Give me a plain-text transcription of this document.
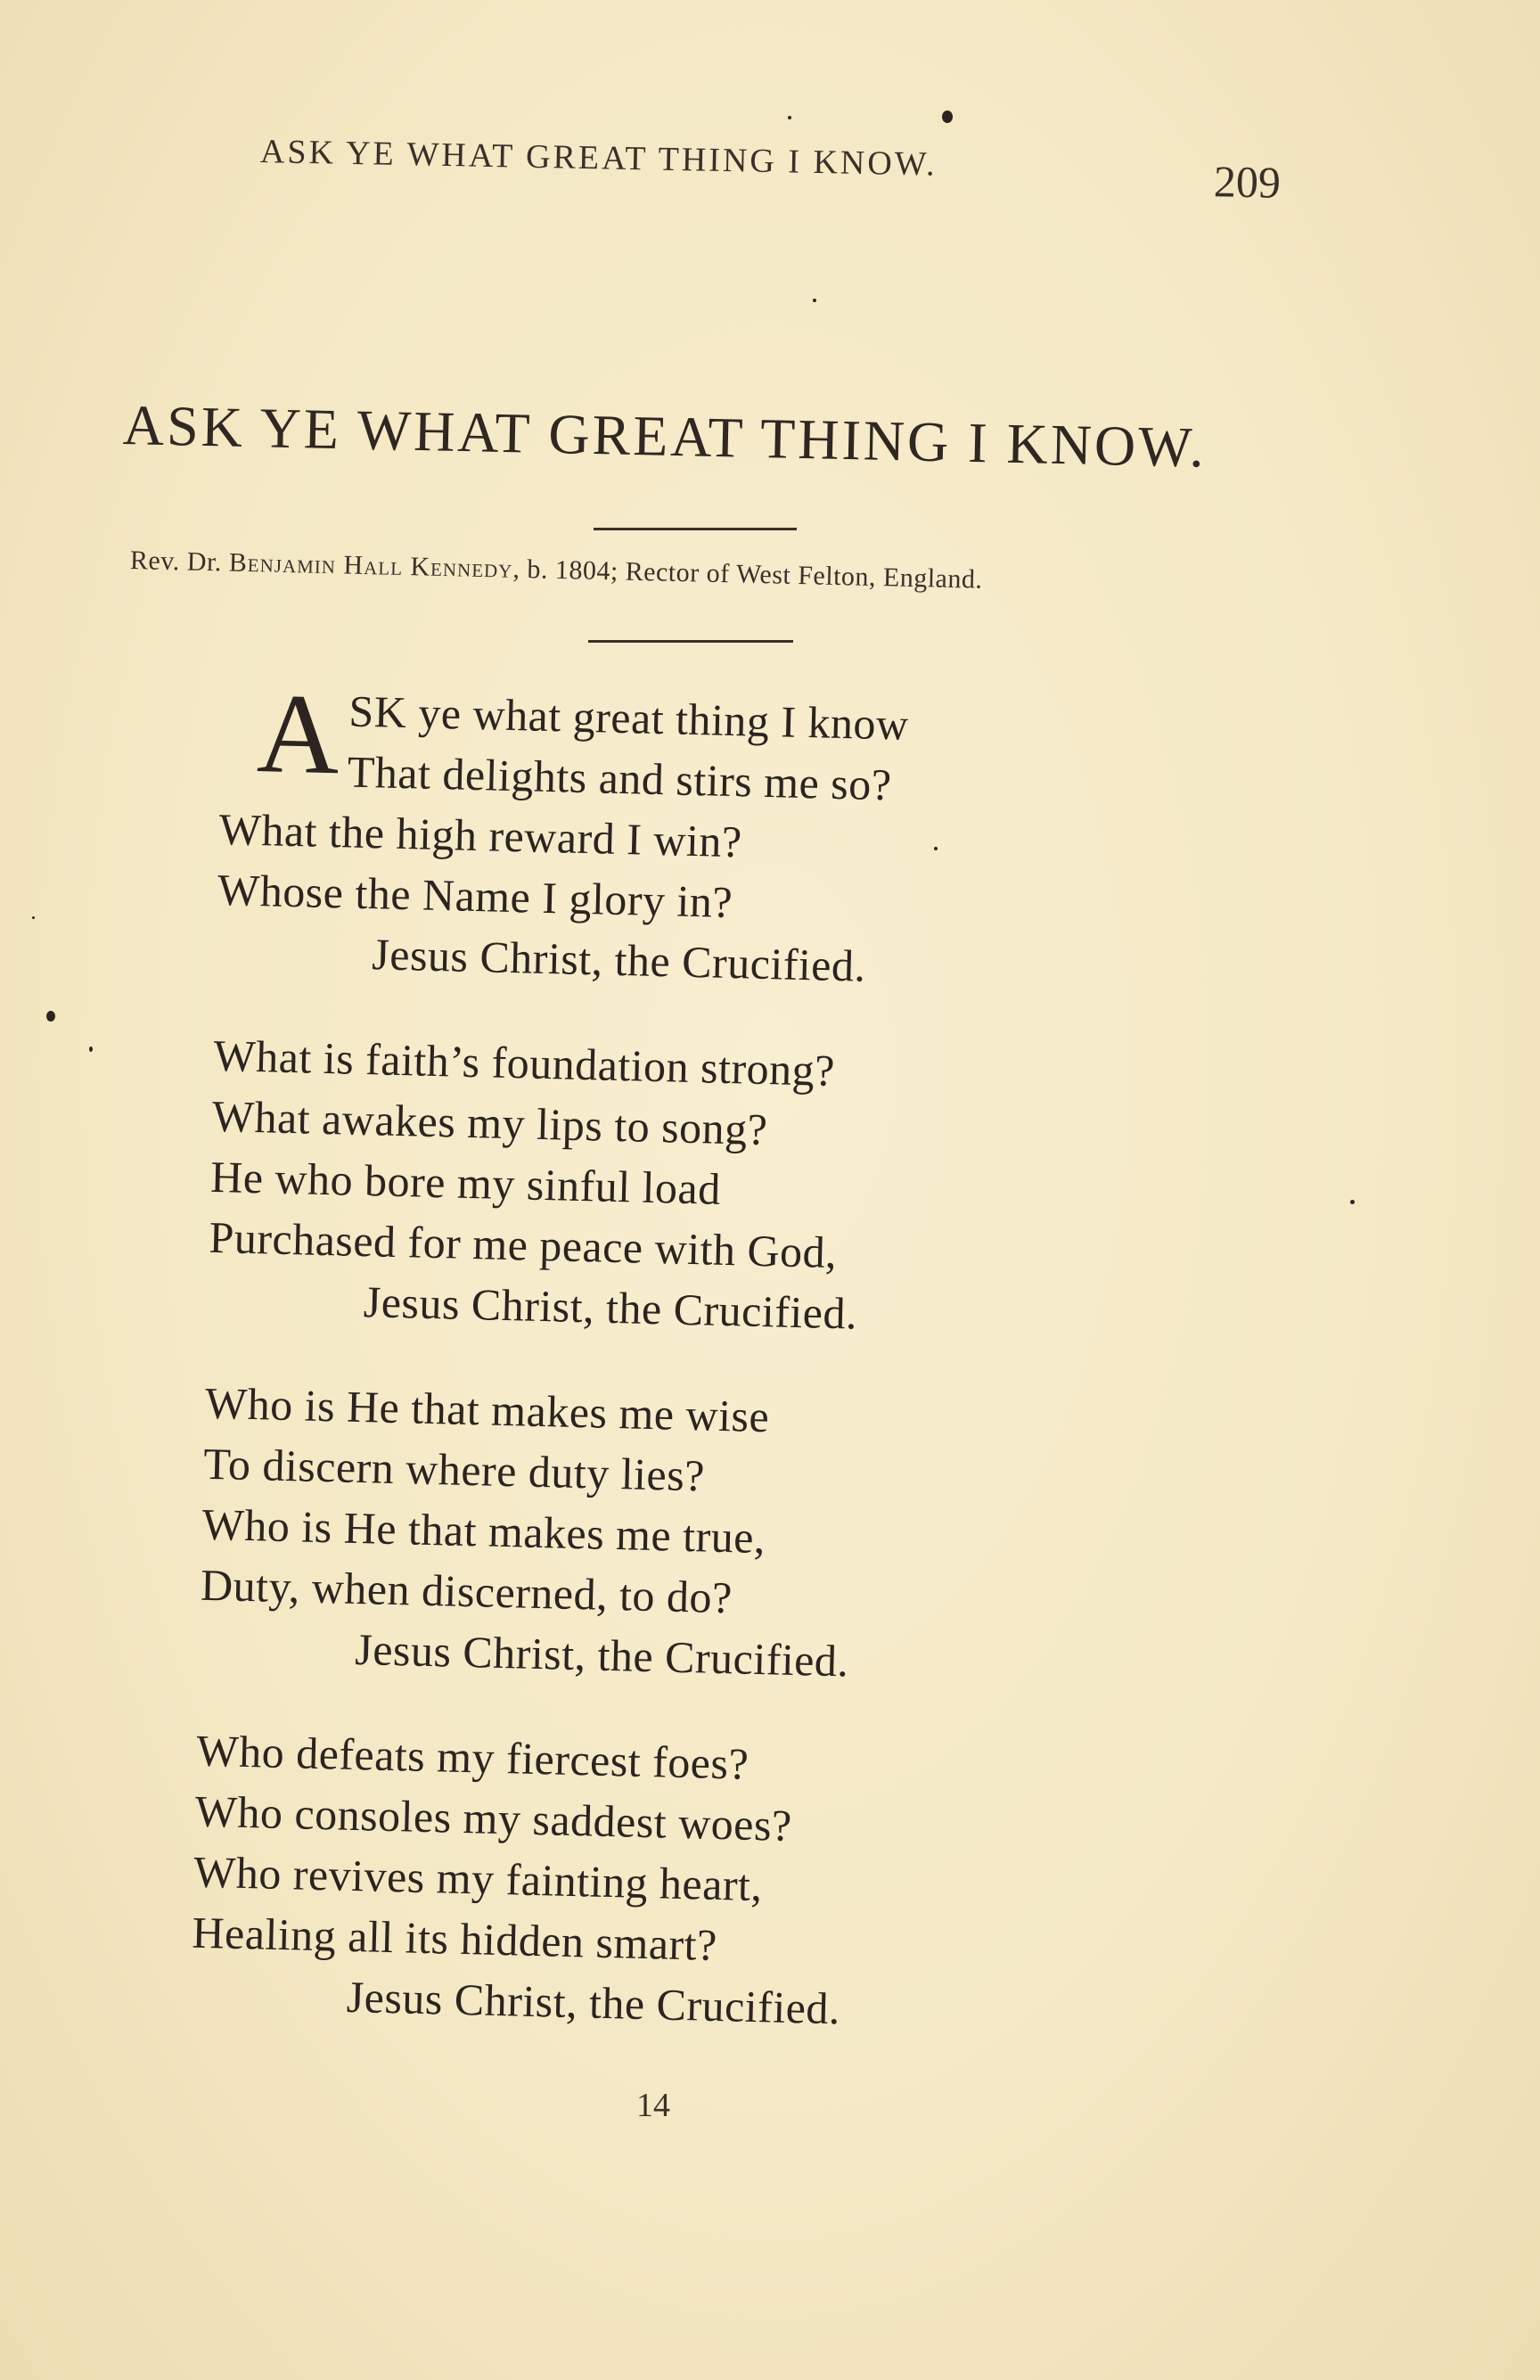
ASK YE WHAT GREAT THING I KNOW.	209
ASK YE WHAT GREAT THING I KNOW.
Rev. Dr. Benjamin Hall Kennedy, b. 1804; Rector of West Felton, England.
A SK ye what great thing I know
That delights and stirs me so?
What the high reward I win?
Whose the Name I glory in?
Jesus Christ, the Crucified.
What is faith’s foundation strong?
What awakes my lips to song?
He who bore my sinful load
Purchased for me peace with God,
Jesus Christ, the Crucified.
Who is He that makes me wise
To discern where duty lies?
Who is He that makes me true,
Duty, when discerned, to do?
Jesus Christ, the Crucified.
Who defeats my fiercest foes?
Who consoles my saddest woes?
Who revives my fainting heart,
Healing all its hidden smart?
Jesus Christ, the Crucified.
14
